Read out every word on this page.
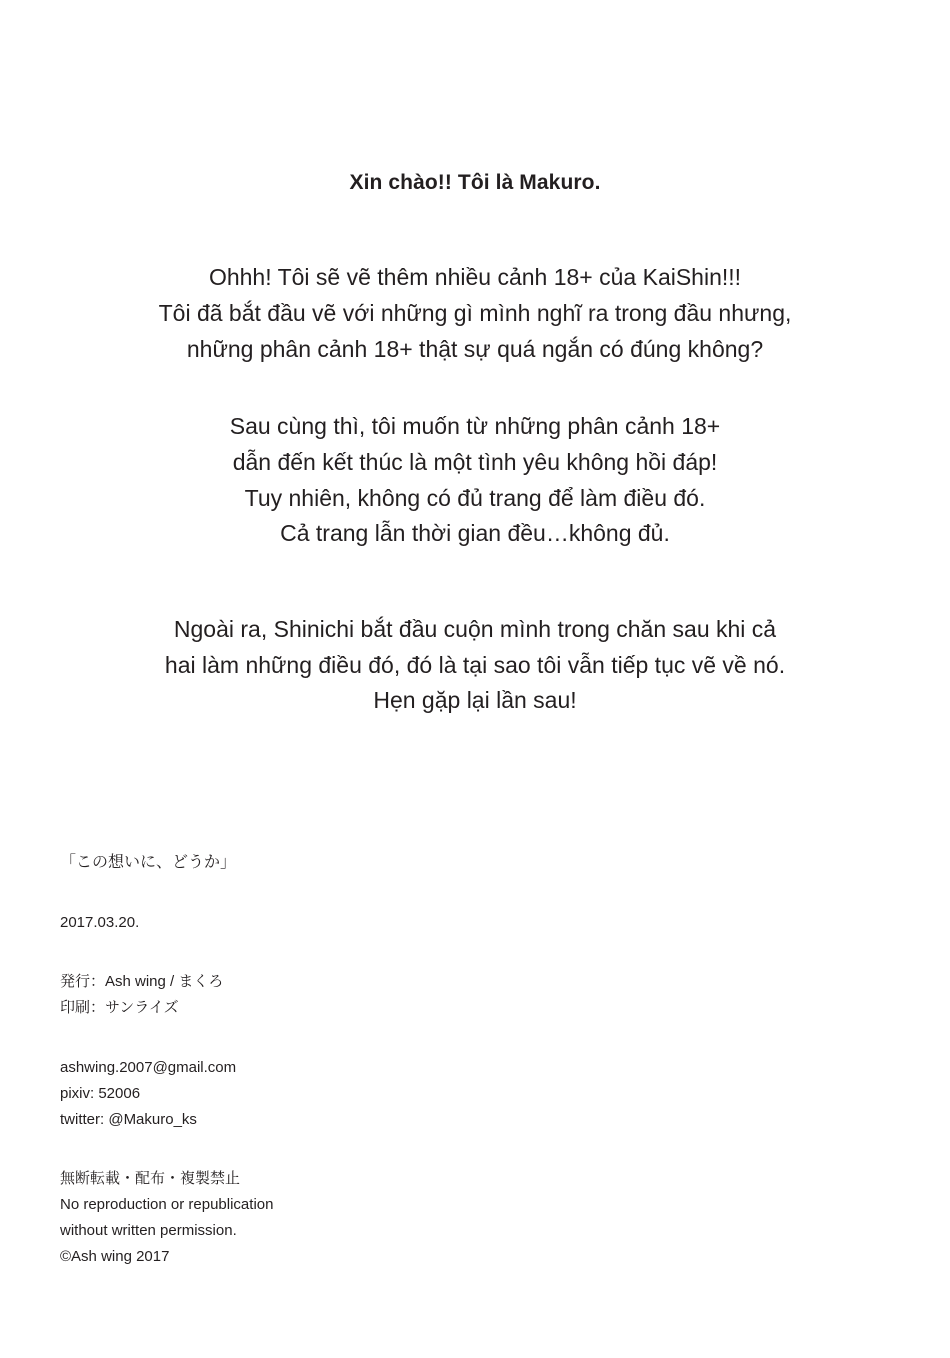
Xin chào!! Tôi là Makuro.
Ohhh! Tôi sẽ vẽ thêm nhiều cảnh 18+ của KaiShin!!!
Tôi đã bắt đầu vẽ với những gì mình nghĩ ra trong đầu nhưng,
những phân cảnh 18+ thật sự quá ngắn có đúng không?
Sau cùng thì, tôi muốn từ những phân cảnh 18+
dẫn đến kết thúc là một tình yêu không hồi đáp!
Tuy nhiên, không có đủ trang để làm điều đó.
Cả trang lẫn thời gian đều…không đủ.
Ngoài ra, Shinichi bắt đầu cuộn mình trong chăn sau khi cả
hai làm những điều đó, đó là tại sao tôi vẫn tiếp tục vẽ về nó.
Hẹn gặp lại lần sau!
「この想いに、どうか」
2017.03.20.
発行：Ash wing / まくろ
印刷：サンライズ
ashwing.2007@gmail.com
pixiv: 52006
twitter: @Makuro_ks
無断転載・配布・複製禁止
No reproduction or republication
without written permission.
©Ash wing 2017
